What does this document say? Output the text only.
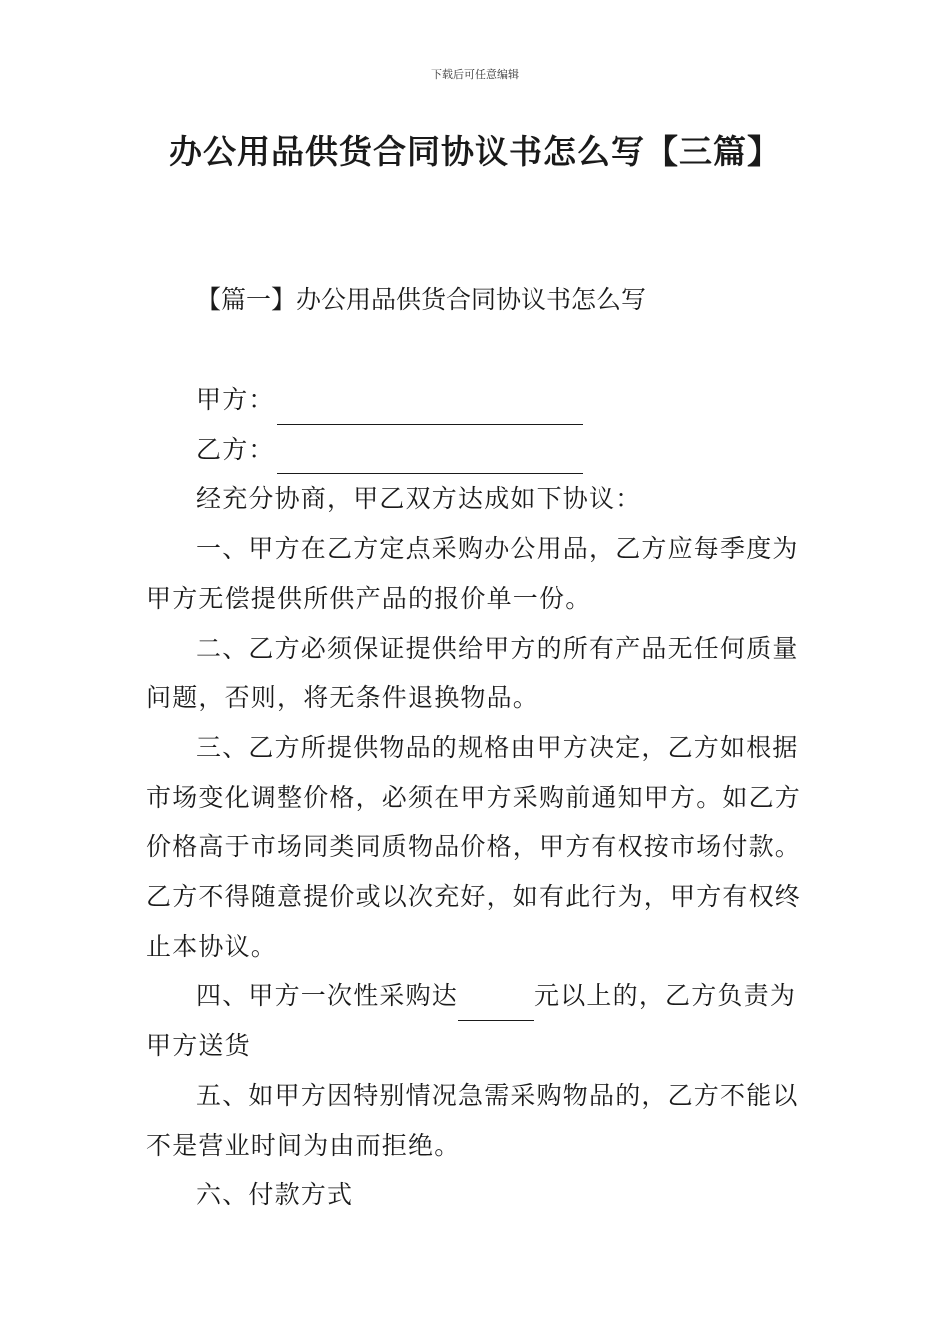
下载后可任意编辑
办公用品供货合同协议书怎么写【三篇】
【篇一】办公用品供货合同协议书怎么写

甲方：

乙方：

经充分协商，甲乙双方达成如下协议：

一、甲方在乙方定点采购办公用品，乙方应每季度为甲方无偿提供所供产品的报价单一份。

二、乙方必须保证提供给甲方的所有产品无任何质量问题，否则，将无条件退换物品。

三、乙方所提供物品的规格由甲方决定，乙方如根据市场变化调整价格，必须在甲方采购前通知甲方。如乙方价格高于市场同类同质物品价格，甲方有权按市场付款。乙方不得随意提价或以次充好，如有此行为，甲方有权终止本协议。

四、甲方一次性采购达	元以上的，乙方负责为甲方送货

五、如甲方因特别情况急需采购物品的，乙方不能以不是营业时间为由而拒绝。

六、付款方式
